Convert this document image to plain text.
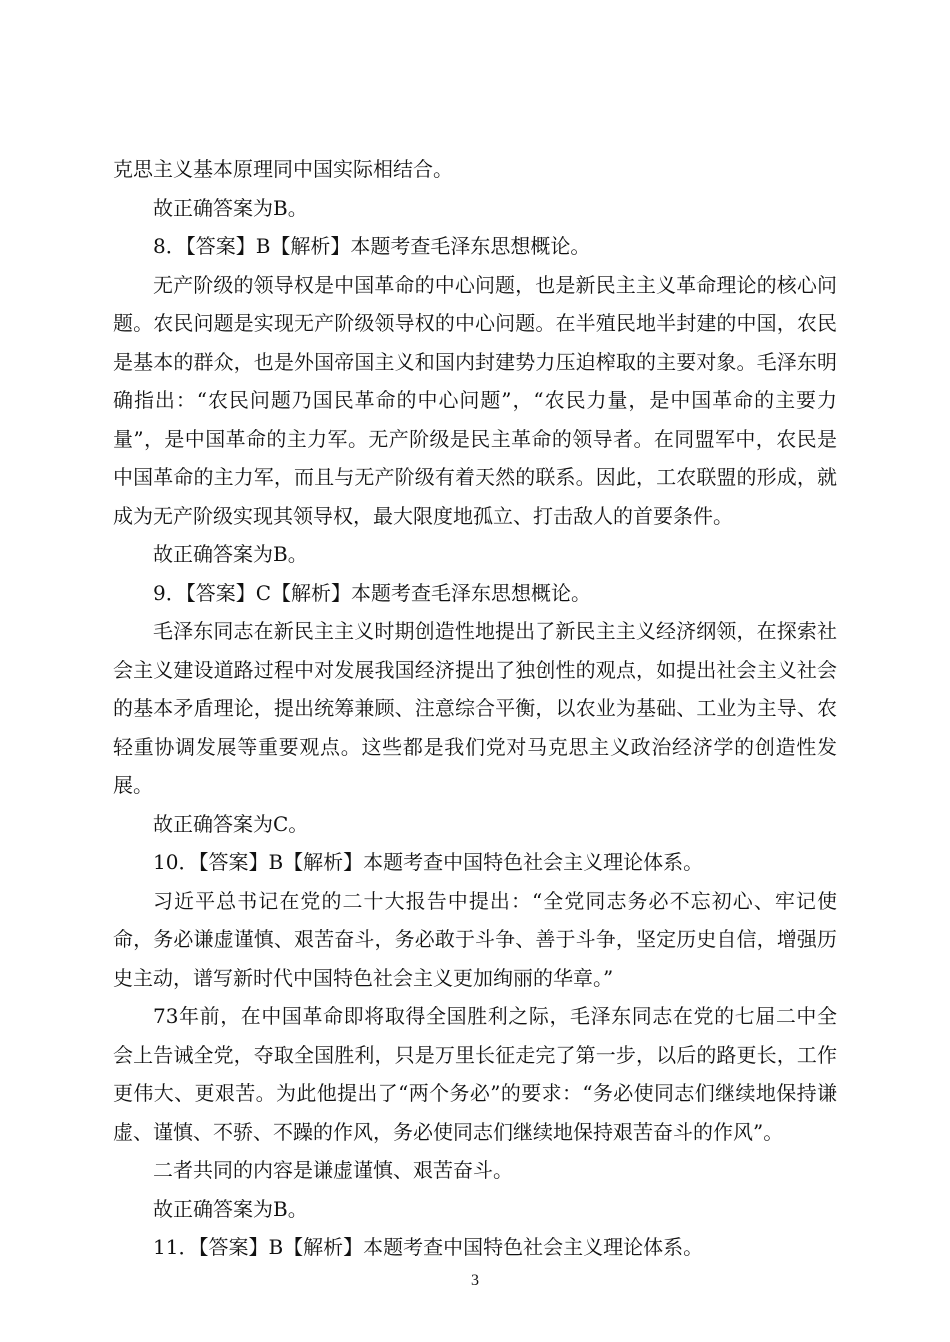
克思主义基本原理同中国实际相结合。

故正确答案为B。

8．【答案】B【解析】本题考查毛泽东思想概论。

无产阶级的领导权是中国革命的中心问题，也是新民主主义革命理论的核心问题。农民问题是实现无产阶级领导权的中心问题。在半殖民地半封建的中国，农民是基本的群众，也是外国帝国主义和国内封建势力压迫榨取的主要对象。毛泽东明确指出：“农民问题乃国民革命的中心问题”，“农民力量，是中国革命的主要力量”，是中国革命的主力军。无产阶级是民主革命的领导者。在同盟军中，农民是中国革命的主力军，而且与无产阶级有着天然的联系。因此，工农联盟的形成，就成为无产阶级实现其领导权，最大限度地孤立、打击敌人的首要条件。

故正确答案为B。

9．【答案】C【解析】本题考查毛泽东思想概论。

毛泽东同志在新民主主义时期创造性地提出了新民主主义经济纲领，在探索社会主义建设道路过程中对发展我国经济提出了独创性的观点，如提出社会主义社会的基本矛盾理论，提出统筹兼顾、注意综合平衡，以农业为基础、工业为主导、农轻重协调发展等重要观点。这些都是我们党对马克思主义政治经济学的创造性发展。

故正确答案为C。

10．【答案】B【解析】本题考查中国特色社会主义理论体系。

习近平总书记在党的二十大报告中提出：“全党同志务必不忘初心、牢记使命，务必谦虚谨慎、艰苦奋斗，务必敢于斗争、善于斗争，坚定历史自信，增强历史主动，谱写新时代中国特色社会主义更加绚丽的华章。”

73年前，在中国革命即将取得全国胜利之际，毛泽东同志在党的七届二中全会上告诫全党，夺取全国胜利，只是万里长征走完了第一步，以后的路更长，工作更伟大、更艰苦。为此他提出了“两个务必”的要求：“务必使同志们继续地保持谦虚、谨慎、不骄、不躁的作风，务必使同志们继续地保持艰苦奋斗的作风”。

二者共同的内容是谦虚谨慎、艰苦奋斗。

故正确答案为B。

11．【答案】B【解析】本题考查中国特色社会主义理论体系。

3
